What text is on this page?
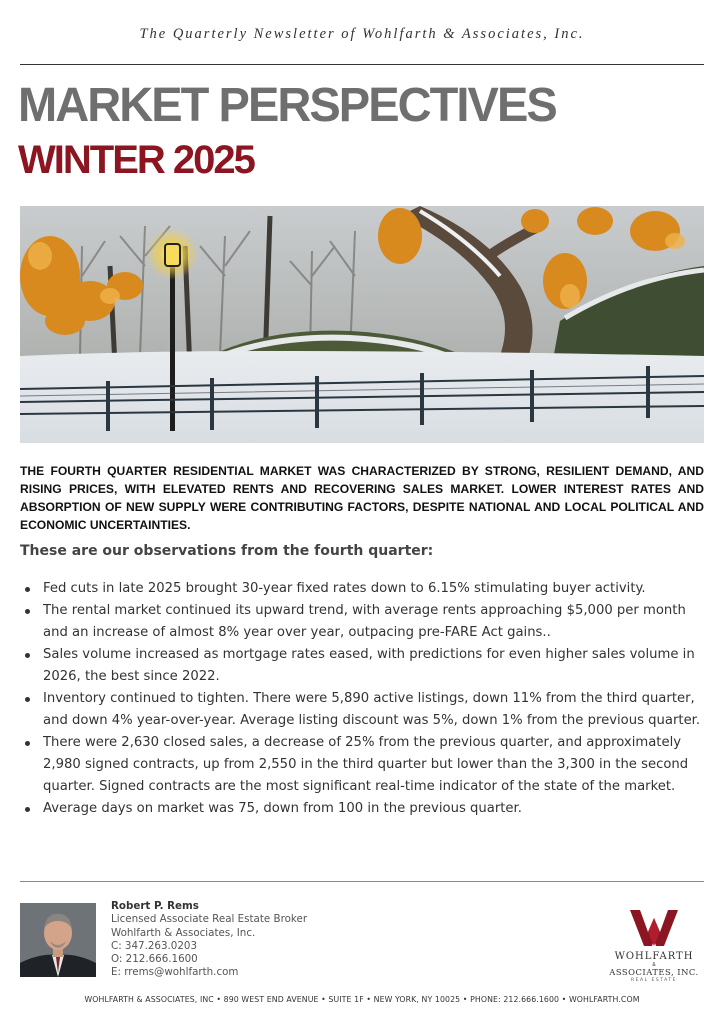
The Quarterly Newsletter of Wohlfarth & Associates, Inc.
MARKET PERSPECTIVES
WINTER 2025
THE FOURTH QUARTER RESIDENTIAL MARKET WAS CHARACTERIZED BY STRONG, RESILIENT DEMAND, AND RISING PRICES, WITH ELEVATED RENTS AND RECOVERING SALES MARKET. LOWER INTEREST RATES AND ABSORPTION OF NEW SUPPLY WERE CONTRIBUTING FACTORS, DESPITE NATIONAL AND LOCAL POLITICAL AND ECONOMIC UNCERTAINTIES.
These are our observations from the fourth quarter:
Fed cuts in late 2025 brought 30-year fixed rates down to 6.15% stimulating buyer activity.
The rental market continued its upward trend, with average rents approaching $5,000 per month and an increase of almost 8% year over year, outpacing pre-FARE Act gains..
Sales volume increased as mortgage rates eased, with predictions for even higher sales volume in 2026, the best since 2022.
Inventory continued to tighten. There were 5,890 active listings, down 11% from the third quarter, and down 4% year-over-year. Average listing discount was 5%, down 1% from the previous quarter.
There were 2,630 closed sales, a decrease of 25% from the previous quarter, and approximately 2,980 signed contracts, up from 2,550 in the third quarter but lower than the 3,300 in the second quarter. Signed contracts are the most significant real-time indicator of the state of the market.
Average days on market was 75, down from 100 in the previous quarter.
Robert P. Rems
Licensed Associate Real Estate Broker
Wohlfarth & Associates, Inc.
C: 347.263.0203
O: 212.666.1600
E: rrems@wohlfarth.com
WOHLFARTH
&
ASSOCIATES, INC.
REAL ESTATE
WOHLFARTH & ASSOCIATES, INC • 890 WEST END AVENUE • SUITE 1F • NEW YORK, NY 10025 • PHONE: 212.666.1600 • WOHLFARTH.COM
